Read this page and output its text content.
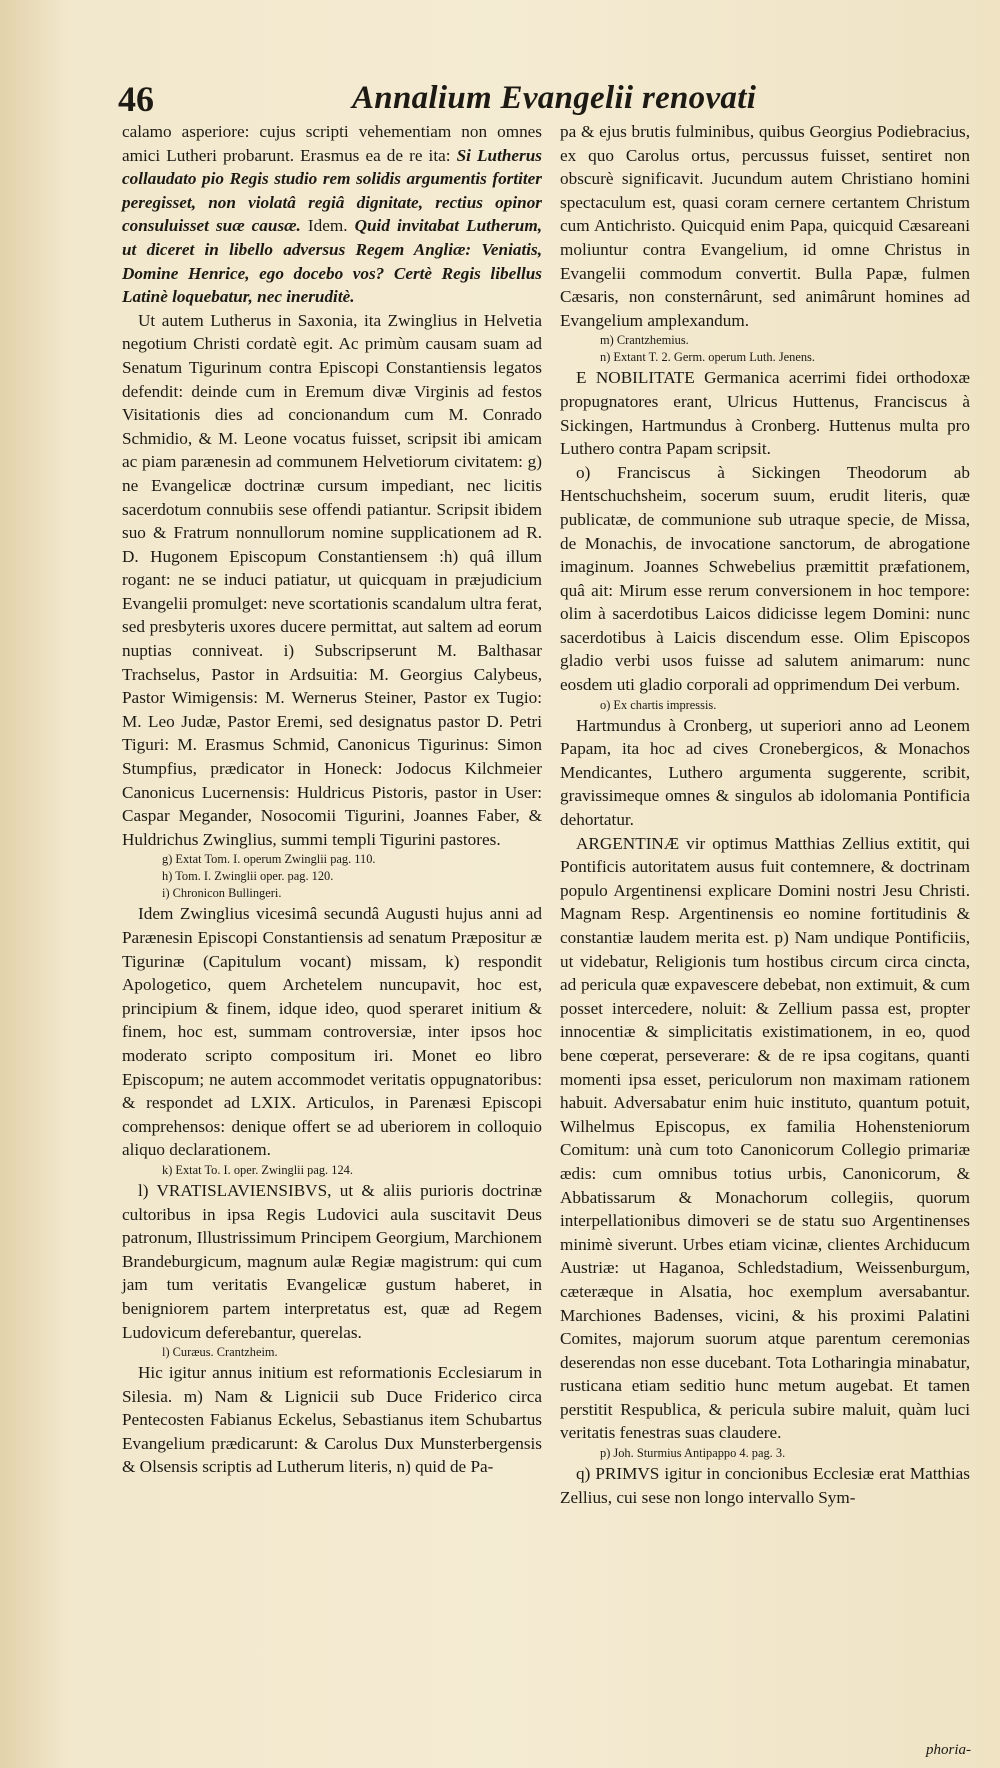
46	Annalium Evangelii renovati

calamo asperiore: cujus scripti vehementiam non omnes amici Lutheri probarunt. Erasmus ea de re ita: Si Lutherus collaudato pio Regis studio rem solidis argumentis fortiter peregisset, non violatâ regiâ dignitate, rectius opinor consuluisset suæ causæ. Idem. Quid invitabat Lutherum, ut diceret in libello adversus Regem Angliæ: Veniatis, Domine Henrice, ego docebo vos? Certè Regis libellus Latinè loquebatur, nec ineruditè.

Ut autem Lutherus in Saxonia, ita Zwinglius in Helvetia negotium Christi cordatè egit. Ac primùm causam suam ad Senatum Tigurinum contra Episcopi Constantiensis legatos defendit: deinde cum in Eremum divæ Virginis ad festos Visitationis dies ad concionandum cum M. Conrado Schmidio, & M. Leone vocatus fuisset, scripsit ibi amicam ac piam parænesin ad communem Helvetiorum civitatem: g) ne Evangelicæ doctrinæ cursum impediant, nec licitis sacerdotum connubiis sese offendi patiantur. Scripsit ibidem suo & Fratrum nonnullorum nomine supplicationem ad R. D. Hugonem Episcopum Constantiensem :h) quâ illum rogant: ne se induci patiatur, ut quicquam in præjudicium Evangelii promulget: neve scortationis scandalum ultra ferat, sed presbyteris uxores ducere permittat, aut saltem ad eorum nuptias conniveat. i) Subscripserunt M. Balthasar Trachselus, Pastor in Ardsuitia: M. Georgius Calybeus, Pastor Wimigensis: M. Wernerus Steiner, Pastor ex Tugio: M. Leo Judæ, Pastor Eremi, sed designatus pastor D. Petri Tiguri: M. Erasmus Schmid, Canonicus Tigurinus: Simon Stumpfius, prædicator in Honeck: Jodocus Kilchmeier Canonicus Lucernensis: Huldricus Pistoris, pastor in User: Caspar Megander, Nosocomii Tigurini, Joannes Faber, & Huldrichus Zwinglius, summi templi Tigurini pastores.

g) Extat Tom. I. operum Zwinglii pag. 110.

h) Tom. I. Zwinglii oper. pag. 120.

i) Chronicon Bullingeri.

Idem Zwinglius vicesimâ secundâ Augusti hujus anni ad Parænesin Episcopi Constantiensis ad senatum Præpositur æ Tigurinæ (Capitulum vocant) missam, k) respondit Apologetico, quem Archetelem nuncupavit, hoc est, principium & finem, idque ideo, quod speraret initium & finem, hoc est, summam controversiæ, inter ipsos hoc moderato scripto compositum iri. Monet eo libro Episcopum; ne autem accommodet veritatis oppugnatoribus: & respondet ad LXIX. Articulos, in Parenæsi Episcopi comprehensos: denique offert se ad uberiorem in colloquio aliquo declarationem.

k) Extat To. I. oper. Zwinglii pag. 124.

l) VRATISLAVIENSIBVS, ut & aliis purioris doctrinæ cultoribus in ipsa Regis Ludovici aula suscitavit Deus patronum, Illustrissimum Principem Georgium, Marchionem Brandeburgicum, magnum aulæ Regiæ magistrum: qui cum jam tum veritatis Evangelicæ gustum haberet, in benigniorem partem interpretatus est, quæ ad Regem Ludovicum deferebantur, querelas.

l) Curæus. Crantzheim.

Hic igitur annus initium est reformationis Ecclesiarum in Silesia. m) Nam & Lignicii sub Duce Friderico circa Pentecosten Fabianus Eckelus, Sebastianus item Schubartus Evangelium prædicarunt: & Carolus Dux Munsterbergensis & Olsensis scriptis ad Lutherum literis, n) quid de Pa-

pa & ejus brutis fulminibus, quibus Georgius Podiebracius, ex quo Carolus ortus, percussus fuisset, sentiret non obscurè significavit. Jucundum autem Christiano homini spectaculum est, quasi coram cernere certantem Christum cum Antichristo. Quicquid enim Papa, quicquid Cæsareani moliuntur contra Evangelium, id omne Christus in Evangelii commodum convertit. Bulla Papæ, fulmen Cæsaris, non consternârunt, sed animârunt homines ad Evangelium amplexandum.

m) Crantzhemius.

n) Extant T. 2. Germ. operum Luth. Jenens.

E NOBILITATE Germanica acerrimi fidei orthodoxæ propugnatores erant, Ulricus Huttenus, Franciscus à Sickingen, Hartmundus à Cronberg. Huttenus multa pro Luthero contra Papam scripsit.

o) Franciscus à Sickingen Theodorum ab Hentschuchsheim, socerum suum, erudit literis, quæ publicatæ, de communione sub utraque specie, de Missa, de Monachis, de invocatione sanctorum, de abrogatione imaginum. Joannes Schwebelius præmittit præfationem, quâ ait: Mirum esse rerum conversionem in hoc tempore: olim à sacerdotibus Laicos didicisse legem Domini: nunc sacerdotibus à Laicis discendum esse. Olim Episcopos gladio verbi usos fuisse ad salutem animarum: nunc eosdem uti gladio corporali ad opprimendum Dei verbum.

o) Ex chartis impressis.

Hartmundus à Cronberg, ut superiori anno ad Leonem Papam, ita hoc ad cives Cronebergicos, & Monachos Mendicantes, Luthero argumenta suggerente, scribit, gravissimeque omnes & singulos ab idolomania Pontificia dehortatur.

ARGENTINÆ vir optimus Matthias Zellius extitit, qui Pontificis autoritatem ausus fuit contemnere, & doctrinam populo Argentinensi explicare Domini nostri Jesu Christi. Magnam Resp. Argentinensis eo nomine fortitudinis & constantiæ laudem merita est. p) Nam undique Pontificiis, ut videbatur, Religionis tum hostibus circum circa cincta, ad pericula quæ expavescere debebat, non extimuit, & cum posset intercedere, noluit: & Zellium passa est, propter innocentiæ & simplicitatis existimationem, in eo, quod bene cœperat, perseverare: & de re ipsa cogitans, quanti momenti ipsa esset, periculorum non maximam rationem habuit. Adversabatur enim huic instituto, quantum potuit, Wilhelmus Episcopus, ex familia Hohensteniorum Comitum: unà cum toto Canonicorum Collegio primariæ ædis: cum omnibus totius urbis, Canonicorum, & Abbatissarum & Monachorum collegiis, quorum interpellationibus dimoveri se de statu suo Argentinenses minimè siverunt. Urbes etiam vicinæ, clientes Archiducum Austriæ: ut Haganoa, Schledstadium, Weissenburgum, cæteræque in Alsatia, hoc exemplum aversabantur. Marchiones Badenses, vicini, & his proximi Palatini Comites, majorum suorum atque parentum ceremonias deserendas non esse ducebant. Tota Lotharingia minabatur, rusticana etiam seditio hunc metum augebat. Et tamen perstitit Respublica, & pericula subire maluit, quàm luci veritatis fenestras suas claudere.

p) Joh. Sturmius Antipappo 4. pag. 3.

q) PRIMVS igitur in concionibus Ecclesiæ erat Matthias Zellius, cui sese non longo intervallo Sym-

phoria-
